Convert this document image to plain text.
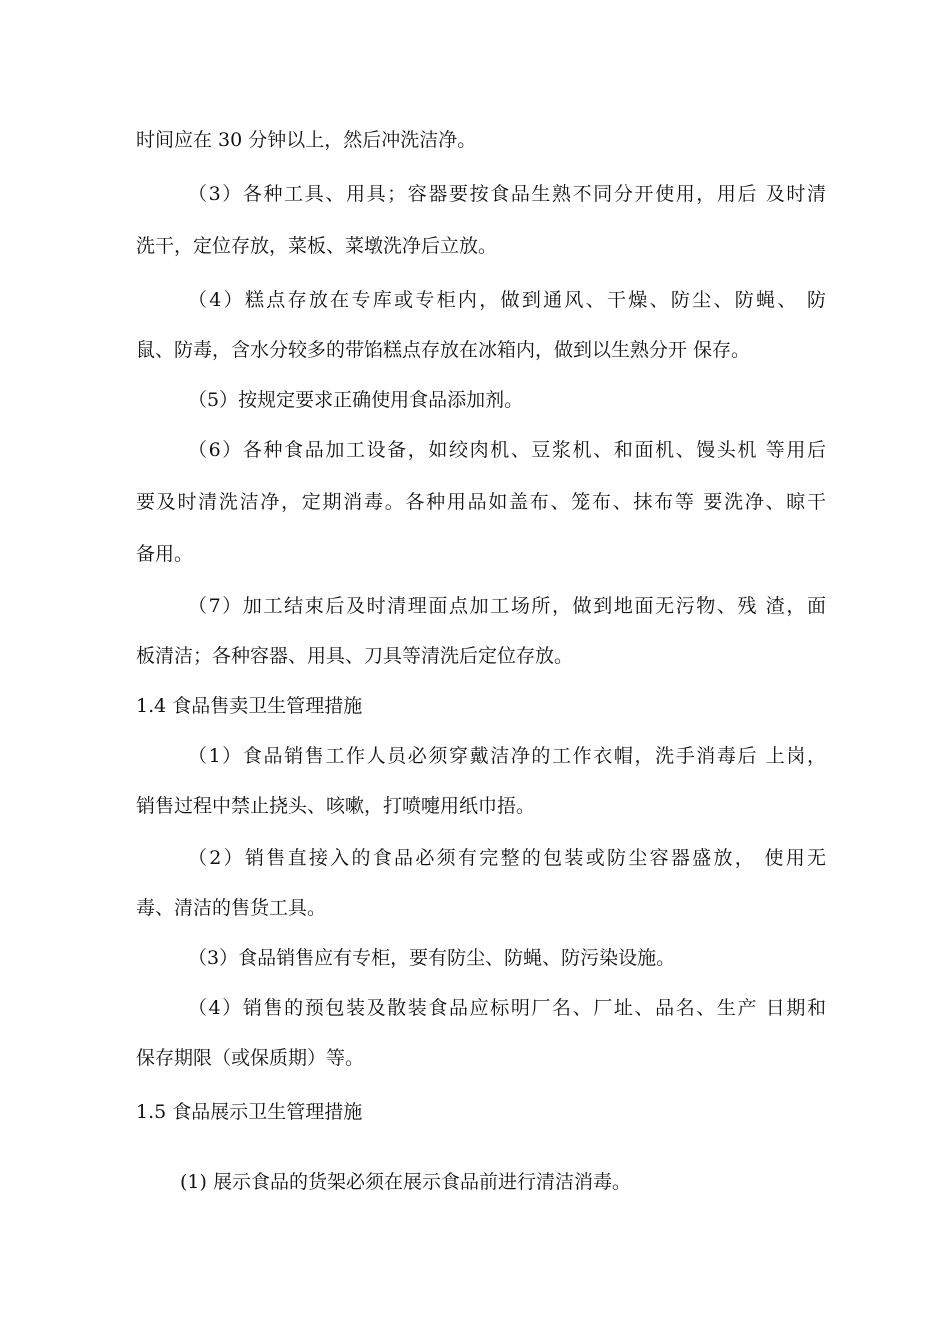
时间应在 30 分钟以上，然后冲洗洁净。
（3）各种工具、用具；容器要按食品生熟不同分开使用，用后 及时清
洗干，定位存放，菜板、菜墩洗净后立放。
（4）糕点存放在专库或专柜内，做到通风、干燥、防尘、防蝇、 防
鼠、防毒，含水分较多的带馅糕点存放在冰箱内，做到以生熟分开 保存。
（5）按规定要求正确使用食品添加剂。
（6）各种食品加工设备，如绞肉机、豆浆机、和面机、馒头机 等用后
要及时清洗洁净，定期消毒。各种用品如盖布、笼布、抹布等 要洗净、晾干
备用。
（7）加工结束后及时清理面点加工场所，做到地面无污物、残 渣，面
板清洁；各种容器、用具、刀具等清洗后定位存放。
1.4 食品售卖卫生管理措施
（1）食品销售工作人员必须穿戴洁净的工作衣帽，洗手消毒后 上岗，
销售过程中禁止挠头、咳嗽，打喷嚏用纸巾捂。
（2）销售直接入的食品必须有完整的包装或防尘容器盛放， 使用无
毒、清洁的售货工具。
（3）食品销售应有专柜，要有防尘、防蝇、防污染设施。
（4）销售的预包装及散装食品应标明厂名、厂址、品名、生产 日期和
保存期限（或保质期）等。
1.5 食品展示卫生管理措施
(1) 展示食品的货架必须在展示食品前进行清洁消毒。
